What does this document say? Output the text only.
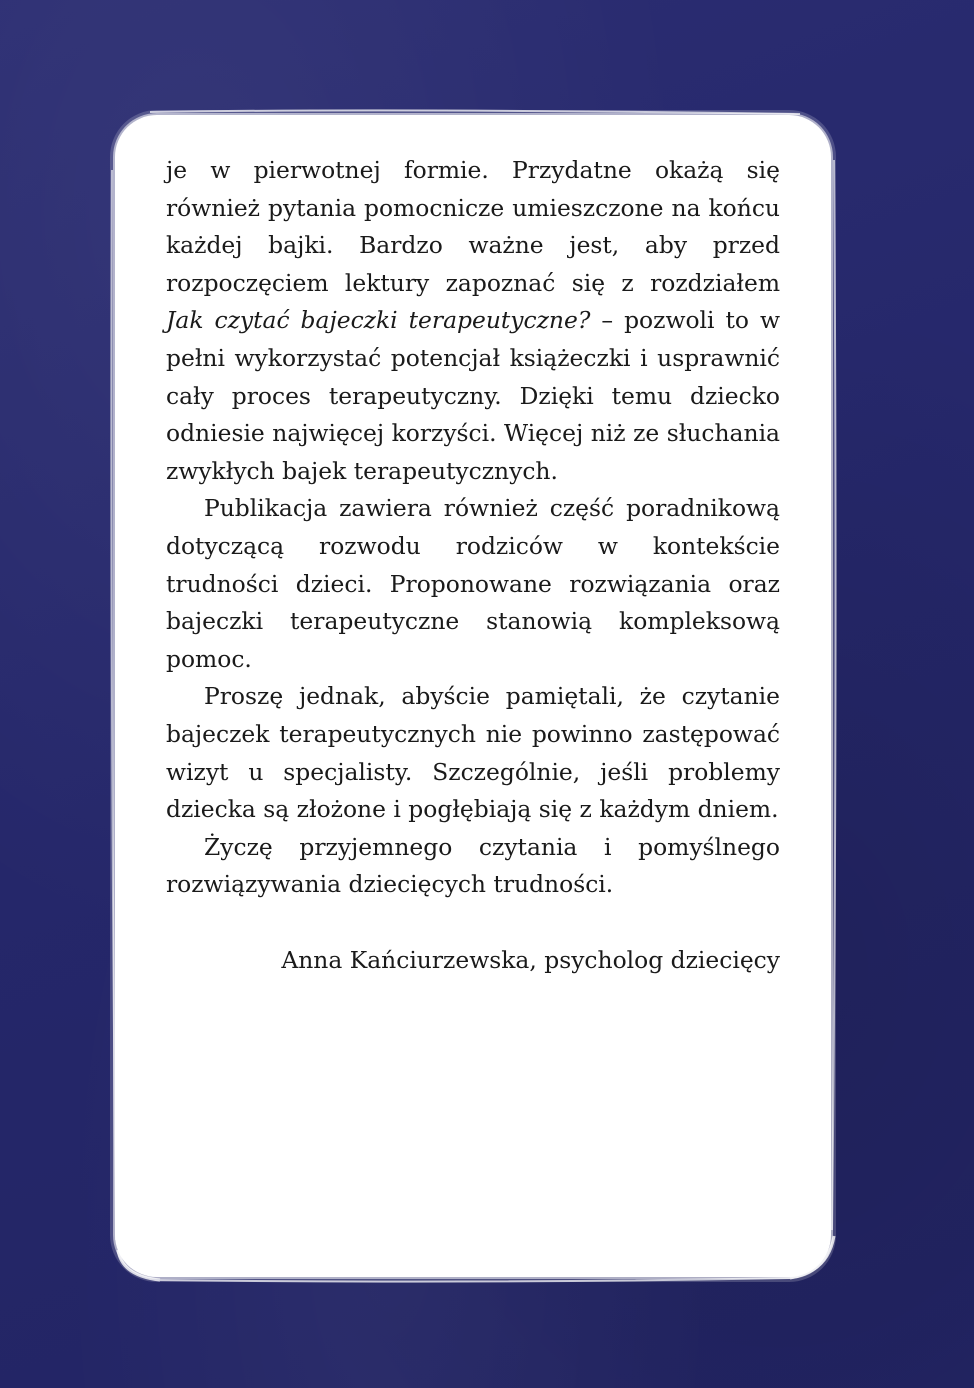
je w pierwotnej formie. Przydatne okażą się również pytania pomocnicze umieszczone na końcu każdej bajki. Bardzo ważne jest, aby przed rozpoczęciem lektury zapoznać się z rozdziałem Jak czytać bajeczki terapeutyczne? – pozwoli to w pełni wykorzystać potencjał książeczki i usprawnić cały proces terapeutyczny. Dzięki temu dziecko odniesie najwięcej korzyści. Więcej niż ze słuchania zwykłych bajek terapeutycznych.

Publikacja zawiera również część poradnikową dotyczącą rozwodu rodziców w kontekście trudności dzieci. Proponowane rozwiązania oraz bajeczki terapeutyczne stanowią kompleksową pomoc.

Proszę jednak, abyście pamiętali, że czytanie bajeczek terapeutycznych nie powinno zastępować wizyt u specjalisty. Szczególnie, jeśli problemy dziecka są złożone i pogłębiają się z każdym dniem.

Życzę przyjemnego czytania i pomyślnego rozwiązywania dziecięcych trudności.

Anna Kańciurzewska, psycholog dziecięcy
